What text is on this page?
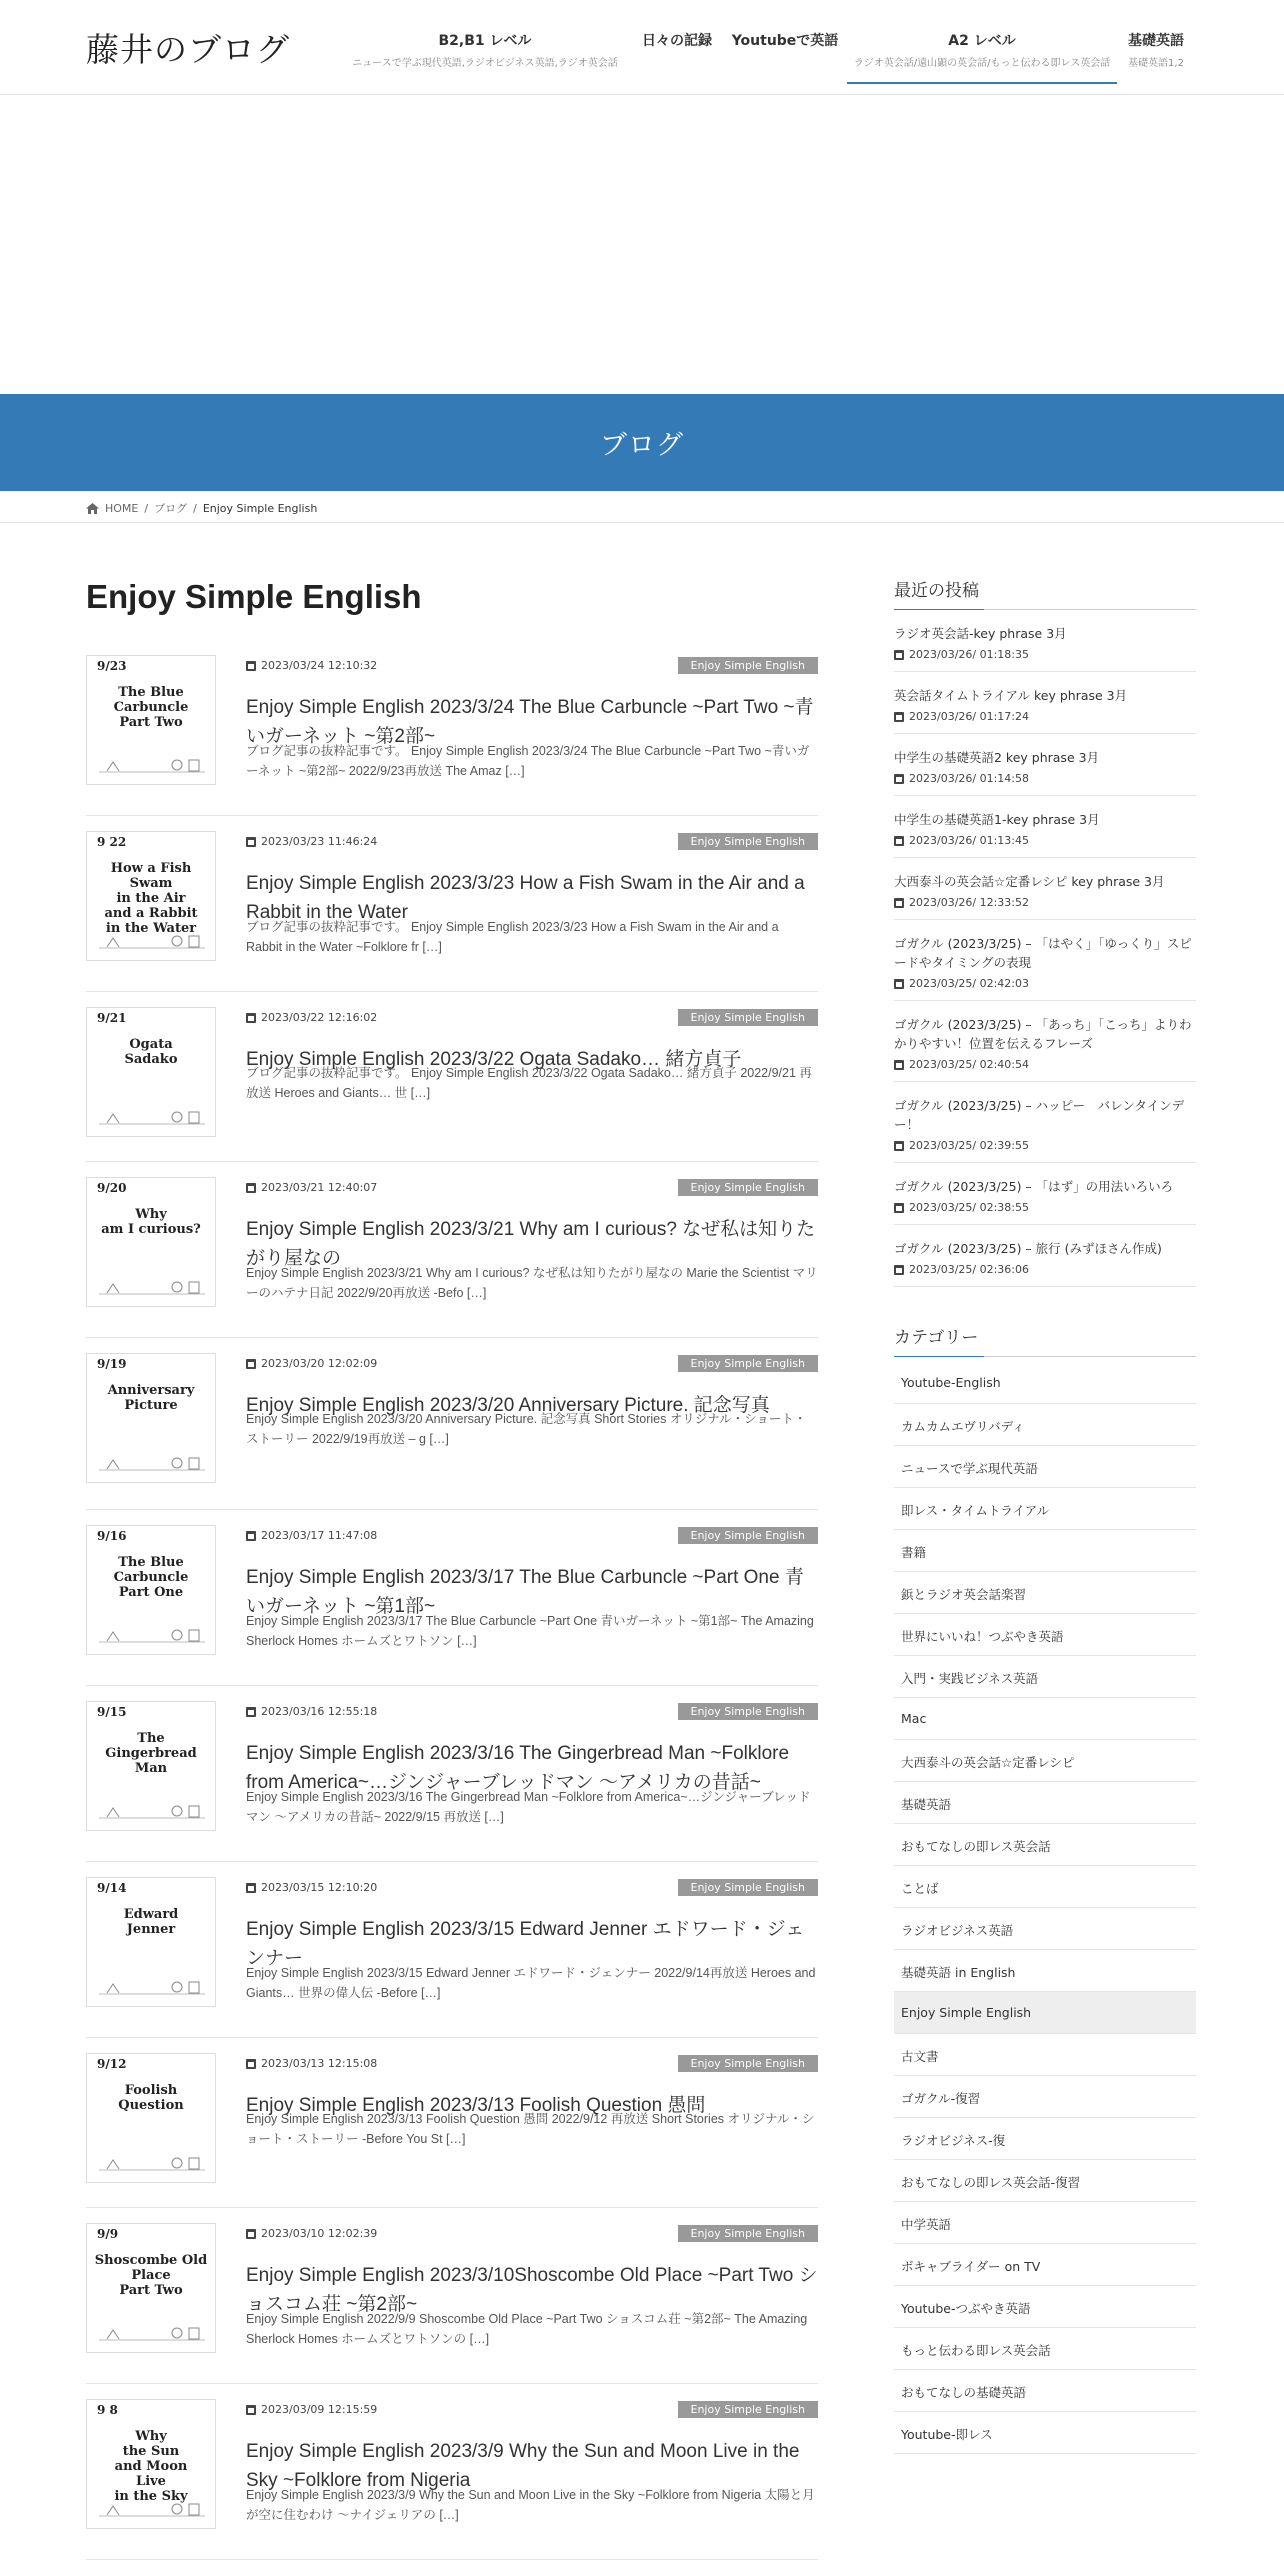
藤井のブログ	B2,B1 レベル
ニュースで学ぶ現代英語,ラジオビジネス英語,ラジオ英会話
日々の記録	Youtubeで英語	A2 レベル
ラジオ英会話/遠山顕の英会話/もっと伝わる即レス英会話
基礎英語
基礎英語1,2
ブログ
HOME / ブログ / Enjoy Simple English
Enjoy Simple English
9/23
The Blue Carbuncle
Part Two
2023/03/24 12:10:32	Enjoy Simple English
Enjoy Simple English 2023/3/24 The Blue Carbuncle ~Part Two ~青いガーネット ~第2部~
ブログ記事の抜粋記事です。 Enjoy Simple English 2023/3/24 The Blue Carbuncle ~Part Two ~青いガーネット ~第2部~ 2022/9/23再放送 The Amaz […]
9 22
How a Fish
Swam
in the Air
and a Rabbit
in the Water
2023/03/23 11:46:24	Enjoy Simple English
Enjoy Simple English 2023/3/23 How a Fish Swam in the Air and a Rabbit in the Water
ブログ記事の抜粋記事です。 Enjoy Simple English 2023/3/23 How a Fish Swam in the Air and a Rabbit in the Water ~Folklore fr […]
9/21
Ogata
Sadako
2023/03/22 12:16:02	Enjoy Simple English
Enjoy Simple English 2023/3/22 Ogata Sadako… 緒方貞子
ブログ記事の抜粋記事です。 Enjoy Simple English 2023/3/22 Ogata Sadako… 緒方貞子 2022/9/21 再放送 Heroes and Giants… 世 […]
9/20
Why
am I curious?
2023/03/21 12:40:07	Enjoy Simple English
Enjoy Simple English 2023/3/21 Why am I curious? なぜ私は知りたがり屋なの
Enjoy Simple English 2023/3/21 Why am I curious? なぜ私は知りたがり屋なの Marie the Scientist マリーのハテナ日記 2022/9/20再放送 -Befo […]
9/19
Anniversary
Picture
2023/03/20 12:02:09	Enjoy Simple English
Enjoy Simple English 2023/3/20 Anniversary Picture. 記念写真
Enjoy Simple English 2023/3/20 Anniversary Picture. 記念写真 Short Stories オリジナル・ショート・ストーリー 2022/9/19再放送 – g […]
9/16
The Blue Carbuncle
Part One
2023/03/17 11:47:08	Enjoy Simple English
Enjoy Simple English 2023/3/17 The Blue Carbuncle ~Part One 青いガーネット ~第1部~
Enjoy Simple English 2023/3/17 The Blue Carbuncle ~Part One 青いガーネット ~第1部~ The Amazing Sherlock Homes ホームズとワトソン […]
9/15
The
Gingerbread
Man
2023/03/16 12:55:18	Enjoy Simple English
Enjoy Simple English 2023/3/16 The Gingerbread Man ~Folklore from America~…ジンジャーブレッドマン 〜アメリカの昔話~
Enjoy Simple English 2023/3/16 The Gingerbread Man ~Folklore from America~…ジンジャーブレッドマン 〜アメリカの昔話~ 2022/9/15 再放送 […]
9/14
Edward
Jenner
2023/03/15 12:10:20	Enjoy Simple English
Enjoy Simple English 2023/3/15 Edward Jenner エドワード・ジェンナー
Enjoy Simple English 2023/3/15 Edward Jenner エドワード・ジェンナー 2022/9/14再放送 Heroes and Giants… 世界の偉人伝 -Before […]
9/12
Foolish
Question
2023/03/13 12:15:08	Enjoy Simple English
Enjoy Simple English 2023/3/13 Foolish Question 愚問
Enjoy Simple English 2023/3/13 Foolish Question 愚問 2022/9/12 再放送 Short Stories オリジナル・ショート・ストーリー -Before You St […]
9/9
Shoscombe Old Place
Part Two
2023/03/10 12:02:39	Enjoy Simple English
Enjoy Simple English 2023/3/10Shoscombe Old Place ~Part Two ショスコム荘 ~第2部~
Enjoy Simple English 2022/9/9 Shoscombe Old Place ~Part Two ショスコム荘 ~第2部~ The Amazing Sherlock Homes ホームズとワトソンの […]
9 8
Why
the Sun
and Moon
Live
in the Sky
2023/03/09 12:15:59	Enjoy Simple English
Enjoy Simple English 2023/3/9 Why the Sun and Moon Live in the Sky ~Folklore from Nigeria
Enjoy Simple English 2023/3/9 Why the Sun and Moon Live in the Sky ~Folklore from Nigeria 太陽と月が空に住むわけ 〜ナイジェリアの […]
最近の投稿
ラジオ英会話-key phrase 3月
2023/03/26/ 01:18:35
英会話タイムトライアル key phrase 3月
2023/03/26/ 01:17:24
中学生の基礎英語2 key phrase 3月
2023/03/26/ 01:14:58
中学生の基礎英語1-key phrase 3月
2023/03/26/ 01:13:45
大西泰斗の英会話☆定番レシピ key phrase 3月
2023/03/26/ 12:33:52
ゴガクル (2023/3/25) – 「はやく」「ゆっくり」スピードやタイミングの表現
2023/03/25/ 02:42:03
ゴガクル (2023/3/25) – 「あっち」「こっち」よりわかりやすい！位置を伝えるフレーズ
2023/03/25/ 02:40:54
ゴガクル (2023/3/25) – ハッピー　バレンタインデー！
2023/03/25/ 02:39:55
ゴガクル (2023/3/25) – 「はず」の用法いろいろ
2023/03/25/ 02:38:55
ゴガクル (2023/3/25) – 旅行 (みずほさん作成)
2023/03/25/ 02:36:06
カテゴリー
Youtube-English
カムカムエヴリバディ
ニュースで学ぶ現代英語
即レス・タイムトライアル
書籍
鋲とラジオ英会話楽習
世界にいいね！つぶやき英語
入門・実践ビジネス英語
Mac
大西泰斗の英会話☆定番レシピ
基礎英語
おもてなしの即レス英会話
ことば
ラジオビジネス英語
基礎英語 in English
Enjoy Simple English
古文書
ゴガクル-復習
ラジオビジネス-復
おもてなしの即レス英会話-復習
中学英語
ボキャブライダー on TV
Youtube-つぶやき英語
もっと伝わる即レス英会話
おもてなしの基礎英語
Youtube-即レス
